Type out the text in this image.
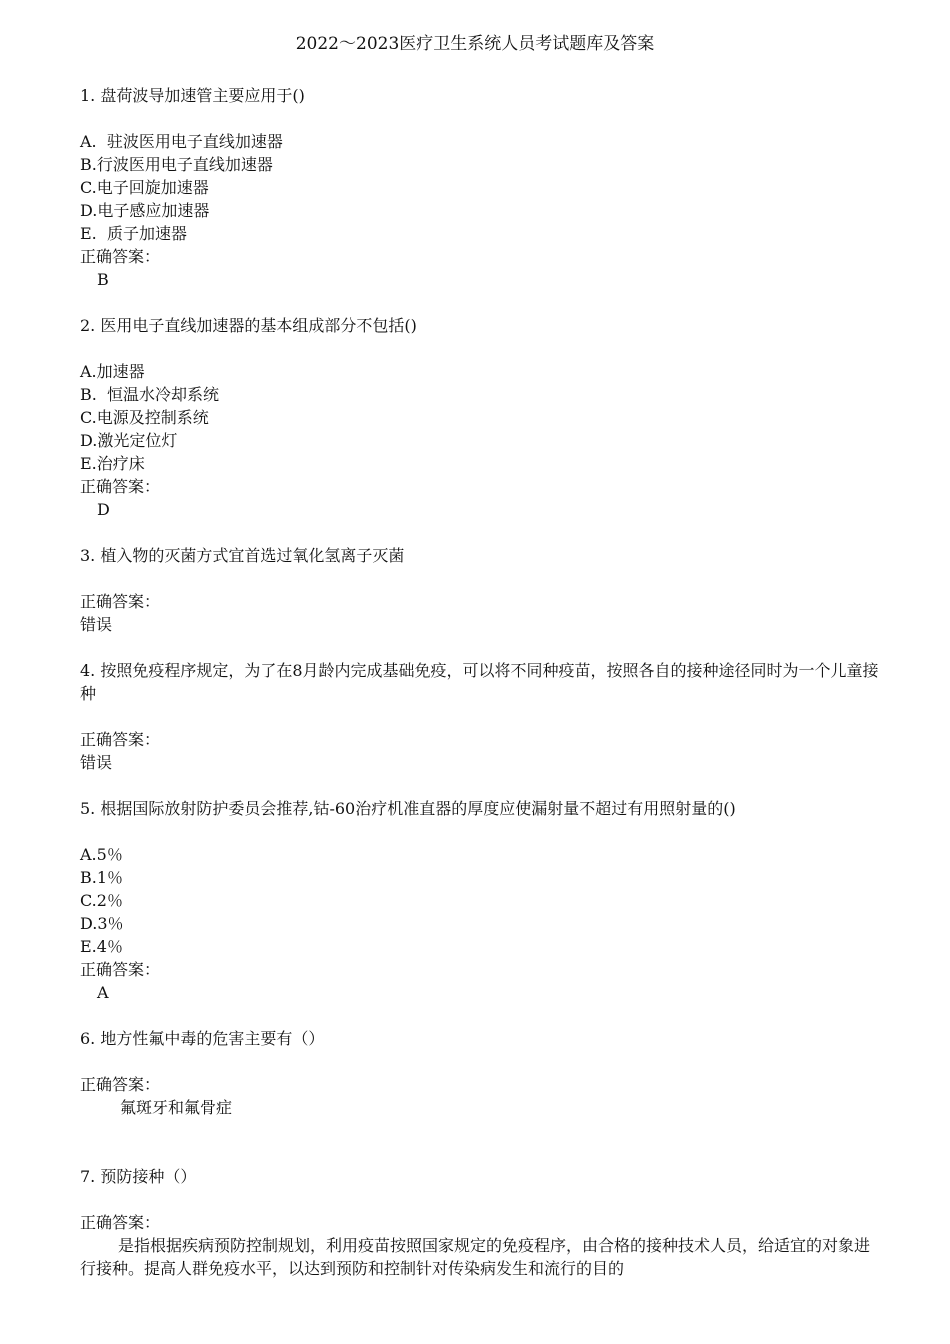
2022～2023医疗卫生系统人员考试题库及答案
1. 盘荷波导加速管主要应用于()
A.  驻波医用电子直线加速器
B.行波医用电子直线加速器
C.电子回旋加速器
D.电子感应加速器
E.  质子加速器
正确答案：
B
2. 医用电子直线加速器的基本组成部分不包括()
A.加速器
B.  恒温水冷却系统
C.电源及控制系统
D.激光定位灯
E.治疗床
正确答案：
D
3. 植入物的灭菌方式宜首选过氧化氢离子灭菌
正确答案：
错误
4. 按照免疫程序规定，为了在8月龄内完成基础免疫，可以将不同种疫苗，按照各自的接种途径同时为一个儿童接种
正确答案：
错误
5. 根据国际放射防护委员会推荐,钴-60治疗机准直器的厚度应使漏射量不超过有用照射量的()
A.5％
B.1％
C.2％
D.3％
E.4％
正确答案：
A
6. 地方性氟中毒的危害主要有（）
正确答案：
氟斑牙和氟骨症
7. 预防接种（）
正确答案：
是指根据疾病预防控制规划，利用疫苗按照国家规定的免疫程序，由合格的接种技术人员，给适宜的对象进行接种。提高人群免疫水平，以达到预防和控制针对传染病发生和流行的目的
